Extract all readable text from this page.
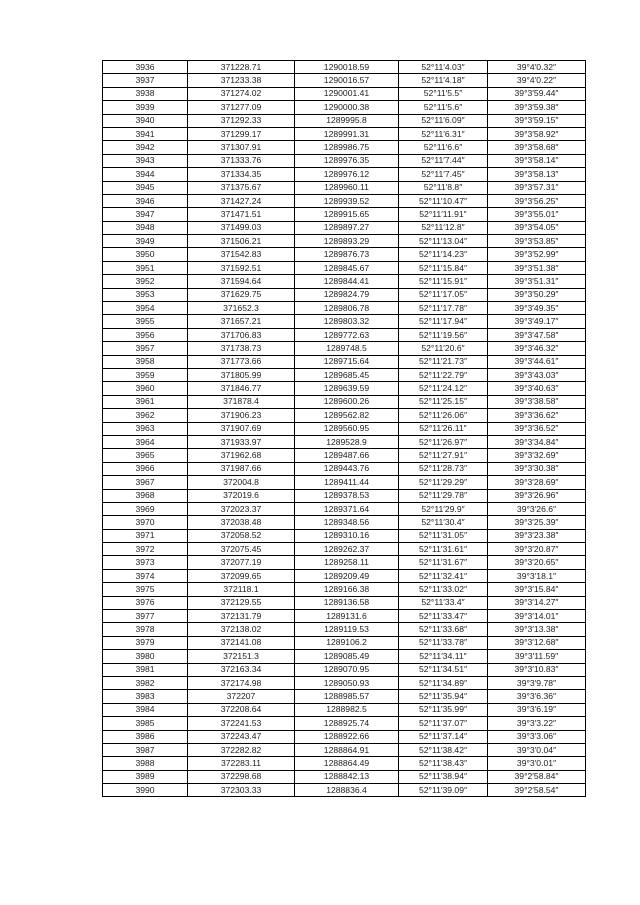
3936	371228.71	1290018.59	52°11′4.03″	39°4′0.32″
3937	371233.38	1290016.57	52°11′4.18″	39°4′0.22″
3938	371274.02	1290001.41	52°11′5.5″	39°3′59.44″
3939	371277.09	1290000.38	52°11′5.6″	39°3′59.38″
3940	371292.33	1289995.8	52°11′6.09″	39°3′59.15″
3941	371299.17	1289991.31	52°11′6.31″	39°3′58.92″
3942	371307.91	1289986.75	52°11′6.6″	39°3′58.68″
3943	371333.76	1289976.35	52°11′7.44″	39°3′58.14″
3944	371334.35	1289976.12	52°11′7.45″	39°3′58.13″
3945	371375.67	1289960.11	52°11′8.8″	39°3′57.31″
3946	371427.24	1289939.52	52°11′10.47″	39°3′56.25″
3947	371471.51	1289915.65	52°11′11.91″	39°3′55.01″
3948	371499.03	1289897.27	52°11′12.8″	39°3′54.05″
3949	371506.21	1289893.29	52°11′13.04″	39°3′53.85″
3950	371542.83	1289876.73	52°11′14.23″	39°3′52.99″
3951	371592.51	1289845.67	52°11′15.84″	39°3′51.38″
3952	371594.64	1289844.41	52°11′15.91″	39°3′51.31″
3953	371629.75	1289824.79	52°11′17.05″	39°3′50.29″
3954	371652.3	1289806.78	52°11′17.78″	39°3′49.35″
3955	371657.21	1289803.32	52°11′17.94″	39°3′49.17″
3956	371706.83	1289772.63	52°11′19.56″	39°3′47.58″
3957	371738.73	1289748.5	52°11′20.6″	39°3′46.32″
3958	371773.66	1289715.64	52°11′21.73″	39°3′44.61″
3959	371805.99	1289685.45	52°11′22.79″	39°3′43.03″
3960	371846.77	1289639.59	52°11′24.12″	39°3′40.63″
3961	371878.4	1289600.26	52°11′25.15″	39°3′38.58″
3962	371906.23	1289562.82	52°11′26.06″	39°3′36.62″
3963	371907.69	1289560.95	52°11′26.11″	39°3′36.52″
3964	371933.97	1289528.9	52°11′26.97″	39°3′34.84″
3965	371962.68	1289487.66	52°11′27.91″	39°3′32.69″
3966	371987.66	1289443.76	52°11′28.73″	39°3′30.38″
3967	372004.8	1289411.44	52°11′29.29″	39°3′28.69″
3968	372019.6	1289378.53	52°11′29.78″	39°3′26.96″
3969	372023.37	1289371.64	52°11′29.9″	39°3′26.6″
3970	372038.48	1289348.56	52°11′30.4″	39°3′25.39″
3971	372058.52	1289310.16	52°11′31.05″	39°3′23.38″
3972	372075.45	1289262.37	52°11′31.61″	39°3′20.87″
3973	372077.19	1289258.11	52°11′31.67″	39°3′20.65″
3974	372099.65	1289209.49	52°11′32.41″	39°3′18.1″
3975	372118.1	1289166.38	52°11′33.02″	39°3′15.84″
3976	372129.55	1289136.58	52°11′33.4″	39°3′14.27″
3977	372131.79	1289131.6	52°11′33.47″	39°3′14.01″
3978	372138.02	1289119.53	52°11′33.68″	39°3′13.38″
3979	372141.08	1289106.2	52°11′33.78″	39°3′12.68″
3980	372151.3	1289085.49	52°11′34.11″	39°3′11.59″
3981	372163.34	1289070.95	52°11′34.51″	39°3′10.83″
3982	372174.98	1289050.93	52°11′34.89″	39°3′9.78″
3983	372207	1288985.57	52°11′35.94″	39°3′6.36″
3984	372208.64	1288982.5	52°11′35.99″	39°3′6.19″
3985	372241.53	1288925.74	52°11′37.07″	39°3′3.22″
3986	372243.47	1288922.66	52°11′37.14″	39°3′3.06″
3987	372282.82	1288864.91	52°11′38.42″	39°3′0.04″
3988	372283.11	1288864.49	52°11′38.43″	39°3′0.01″
3989	372298.68	1288842.13	52°11′38.94″	39°2′58.84″
3990	372303.33	1288836.4	52°11′39.09″	39°2′58.54″
